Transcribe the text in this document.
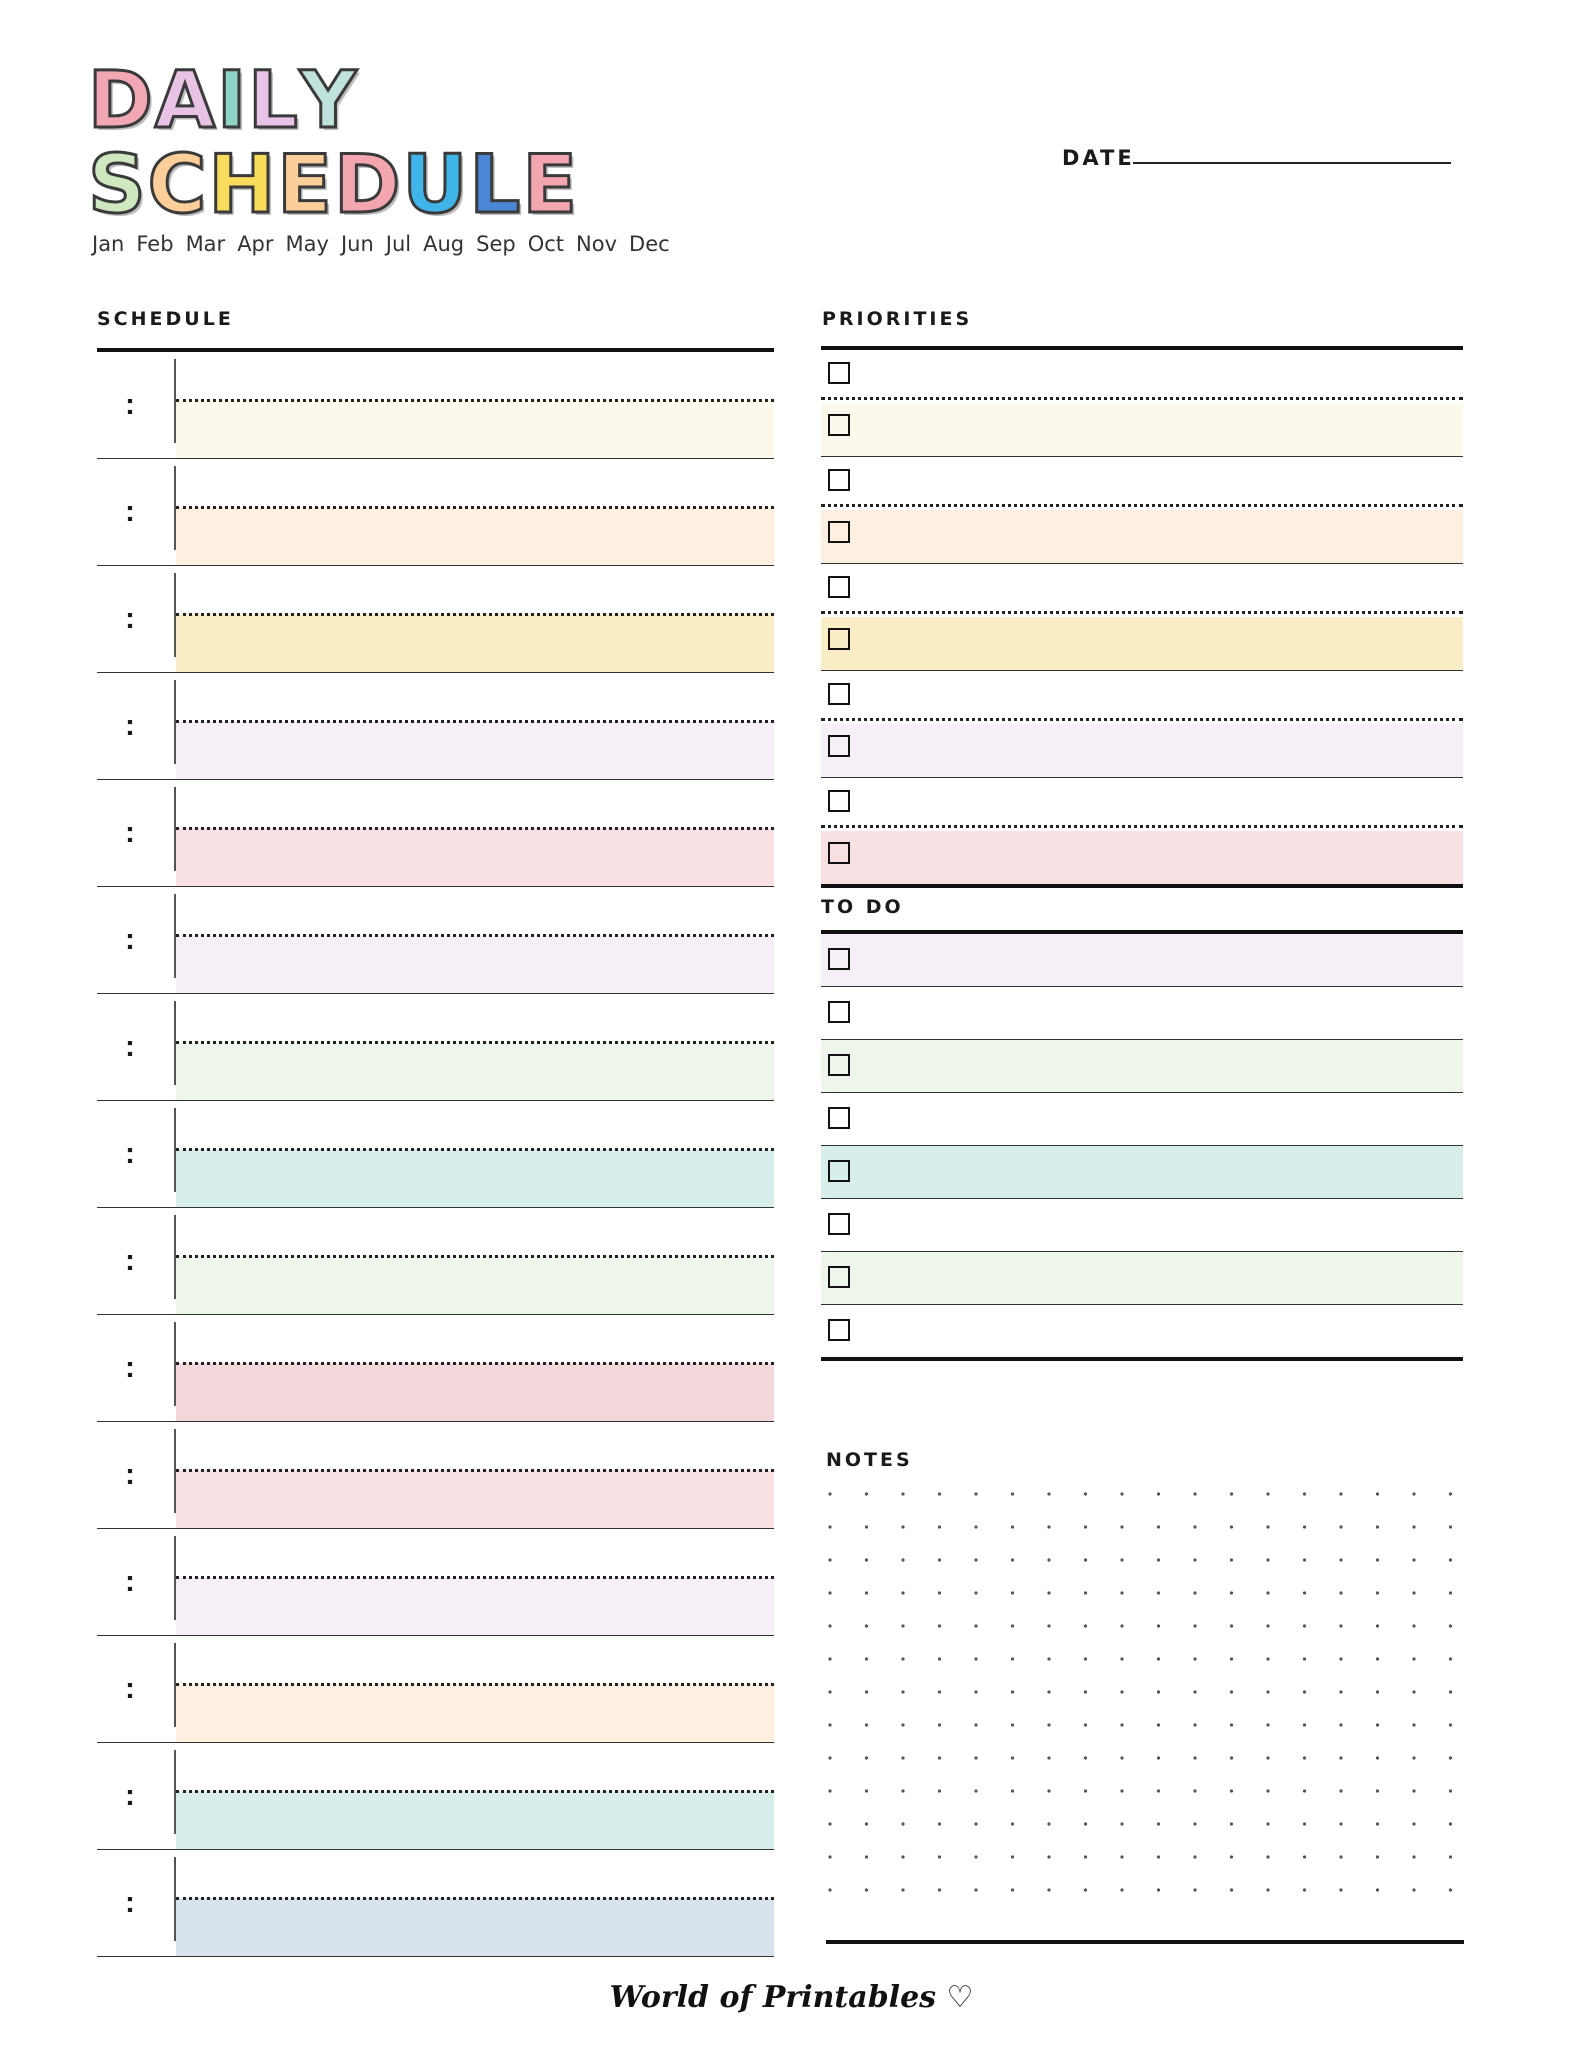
DAILY
SCHEDULE
Jan Feb Mar Apr May Jun Jul Aug Sep Oct Nov Dec
DATE
SCHEDULE
:
:
:
:
:
:
:
:
:
:
:
:
:
:
:
PRIORITIES
TO DO
NOTES
World of Printables ♡
